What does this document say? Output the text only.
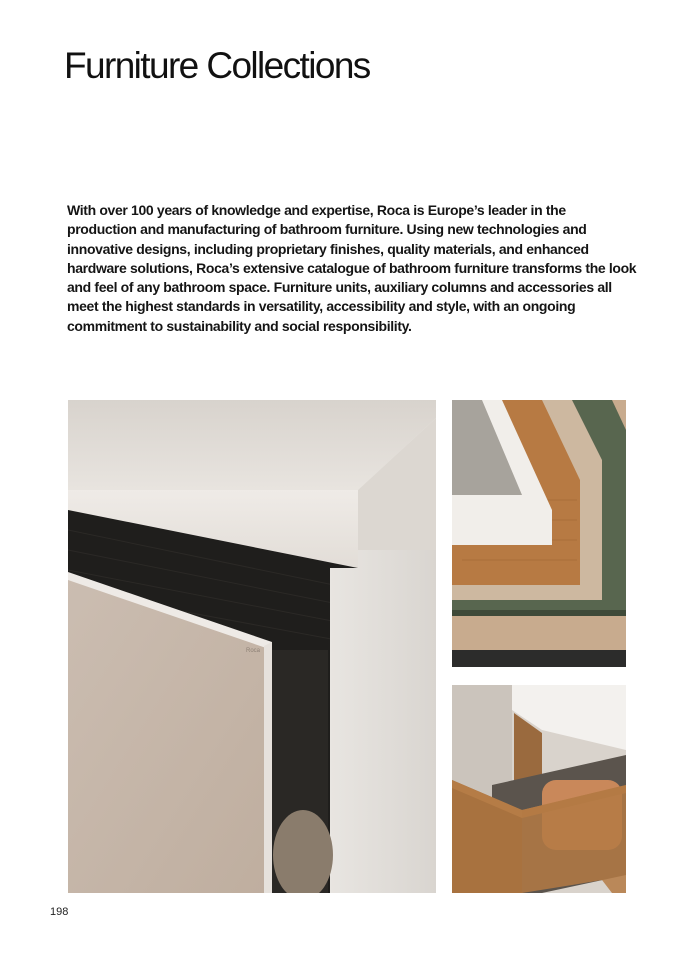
Furniture Collections

With over 100 years of knowledge and expertise, Roca is Europe’s leader in the production and manufacturing of bathroom furniture. Using new technologies and innovative designs, including proprietary finishes, quality materials, and enhanced hardware solutions, Roca’s extensive catalogue of bathroom furniture transforms the look and feel of any bathroom space. Furniture units, auxiliary columns and accessories all meet the highest standards in versatility, accessibility and style, with an ongoing commitment to sustainability and social responsibility.

Roca
198
